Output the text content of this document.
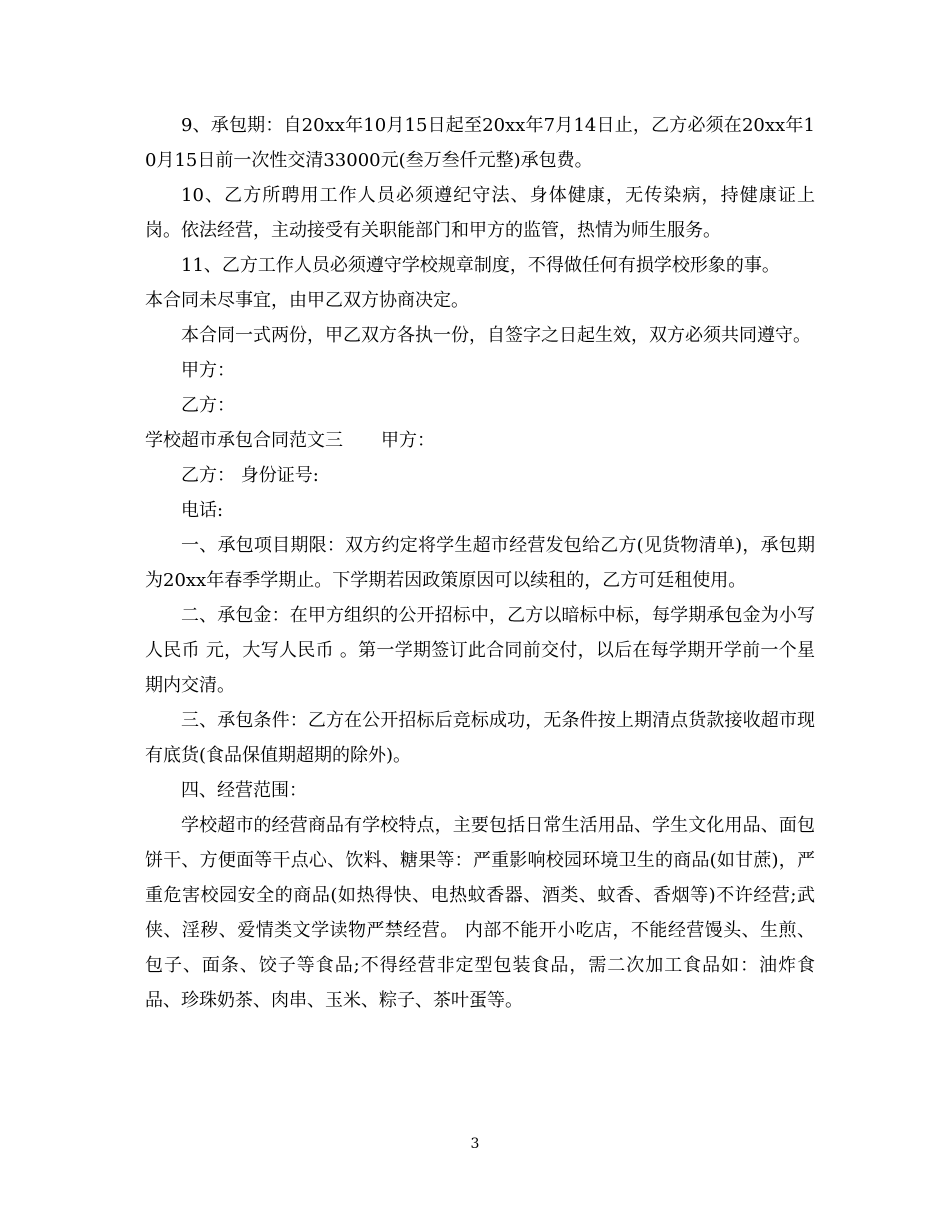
9、承包期：自20xx年10月15日起至20xx年7月14日止，乙方必须在20xx年10月15日前一次性交清33000元(叁万叁仟元整)承包费。

10、乙方所聘用工作人员必须遵纪守法、身体健康，无传染病，持健康证上岗。依法经营，主动接受有关职能部门和甲方的监管，热情为师生服务。

11、乙方工作人员必须遵守学校规章制度，不得做任何有损学校形象的事。

本合同未尽事宜，由甲乙双方协商决定。

本合同一式两份，甲乙双方各执一份，自签字之日起生效，双方必须共同遵守。

甲方：

乙方：

学校超市承包合同范文三 甲方：

乙方： 身份证号:

电话:

一、承包项目期限：双方约定将学生超市经营发包给乙方(见货物清单)，承包期为20xx年春季学期止。下学期若因政策原因可以续租的，乙方可廷租使用。

二、承包金：在甲方组织的公开招标中，乙方以暗标中标，每学期承包金为小写人民币 元，大写人民币 。第一学期签订此合同前交付，以后在每学期开学前一个星期内交清。

三、承包条件：乙方在公开招标后竞标成功，无条件按上期清点货款接收超市现有底货(食品保值期超期的除外)。

四、经营范围：

学校超市的经营商品有学校特点，主要包括日常生活用品、学生文化用品、面包饼干、方便面等干点心、饮料、糖果等：严重影响校园环境卫生的商品(如甘蔗)，严重危害校园安全的商品(如热得快、电热蚊香器、酒类、蚊香、香烟等)不许经营;武侠、淫秽、爱情类文学读物严禁经营。 内部不能开小吃店，不能经营馒头、生煎、包子、面条、饺子等食品;不得经营非定型包装食品，需二次加工食品如：油炸食品、珍珠奶茶、肉串、玉米、粽子、茶叶蛋等。

3
